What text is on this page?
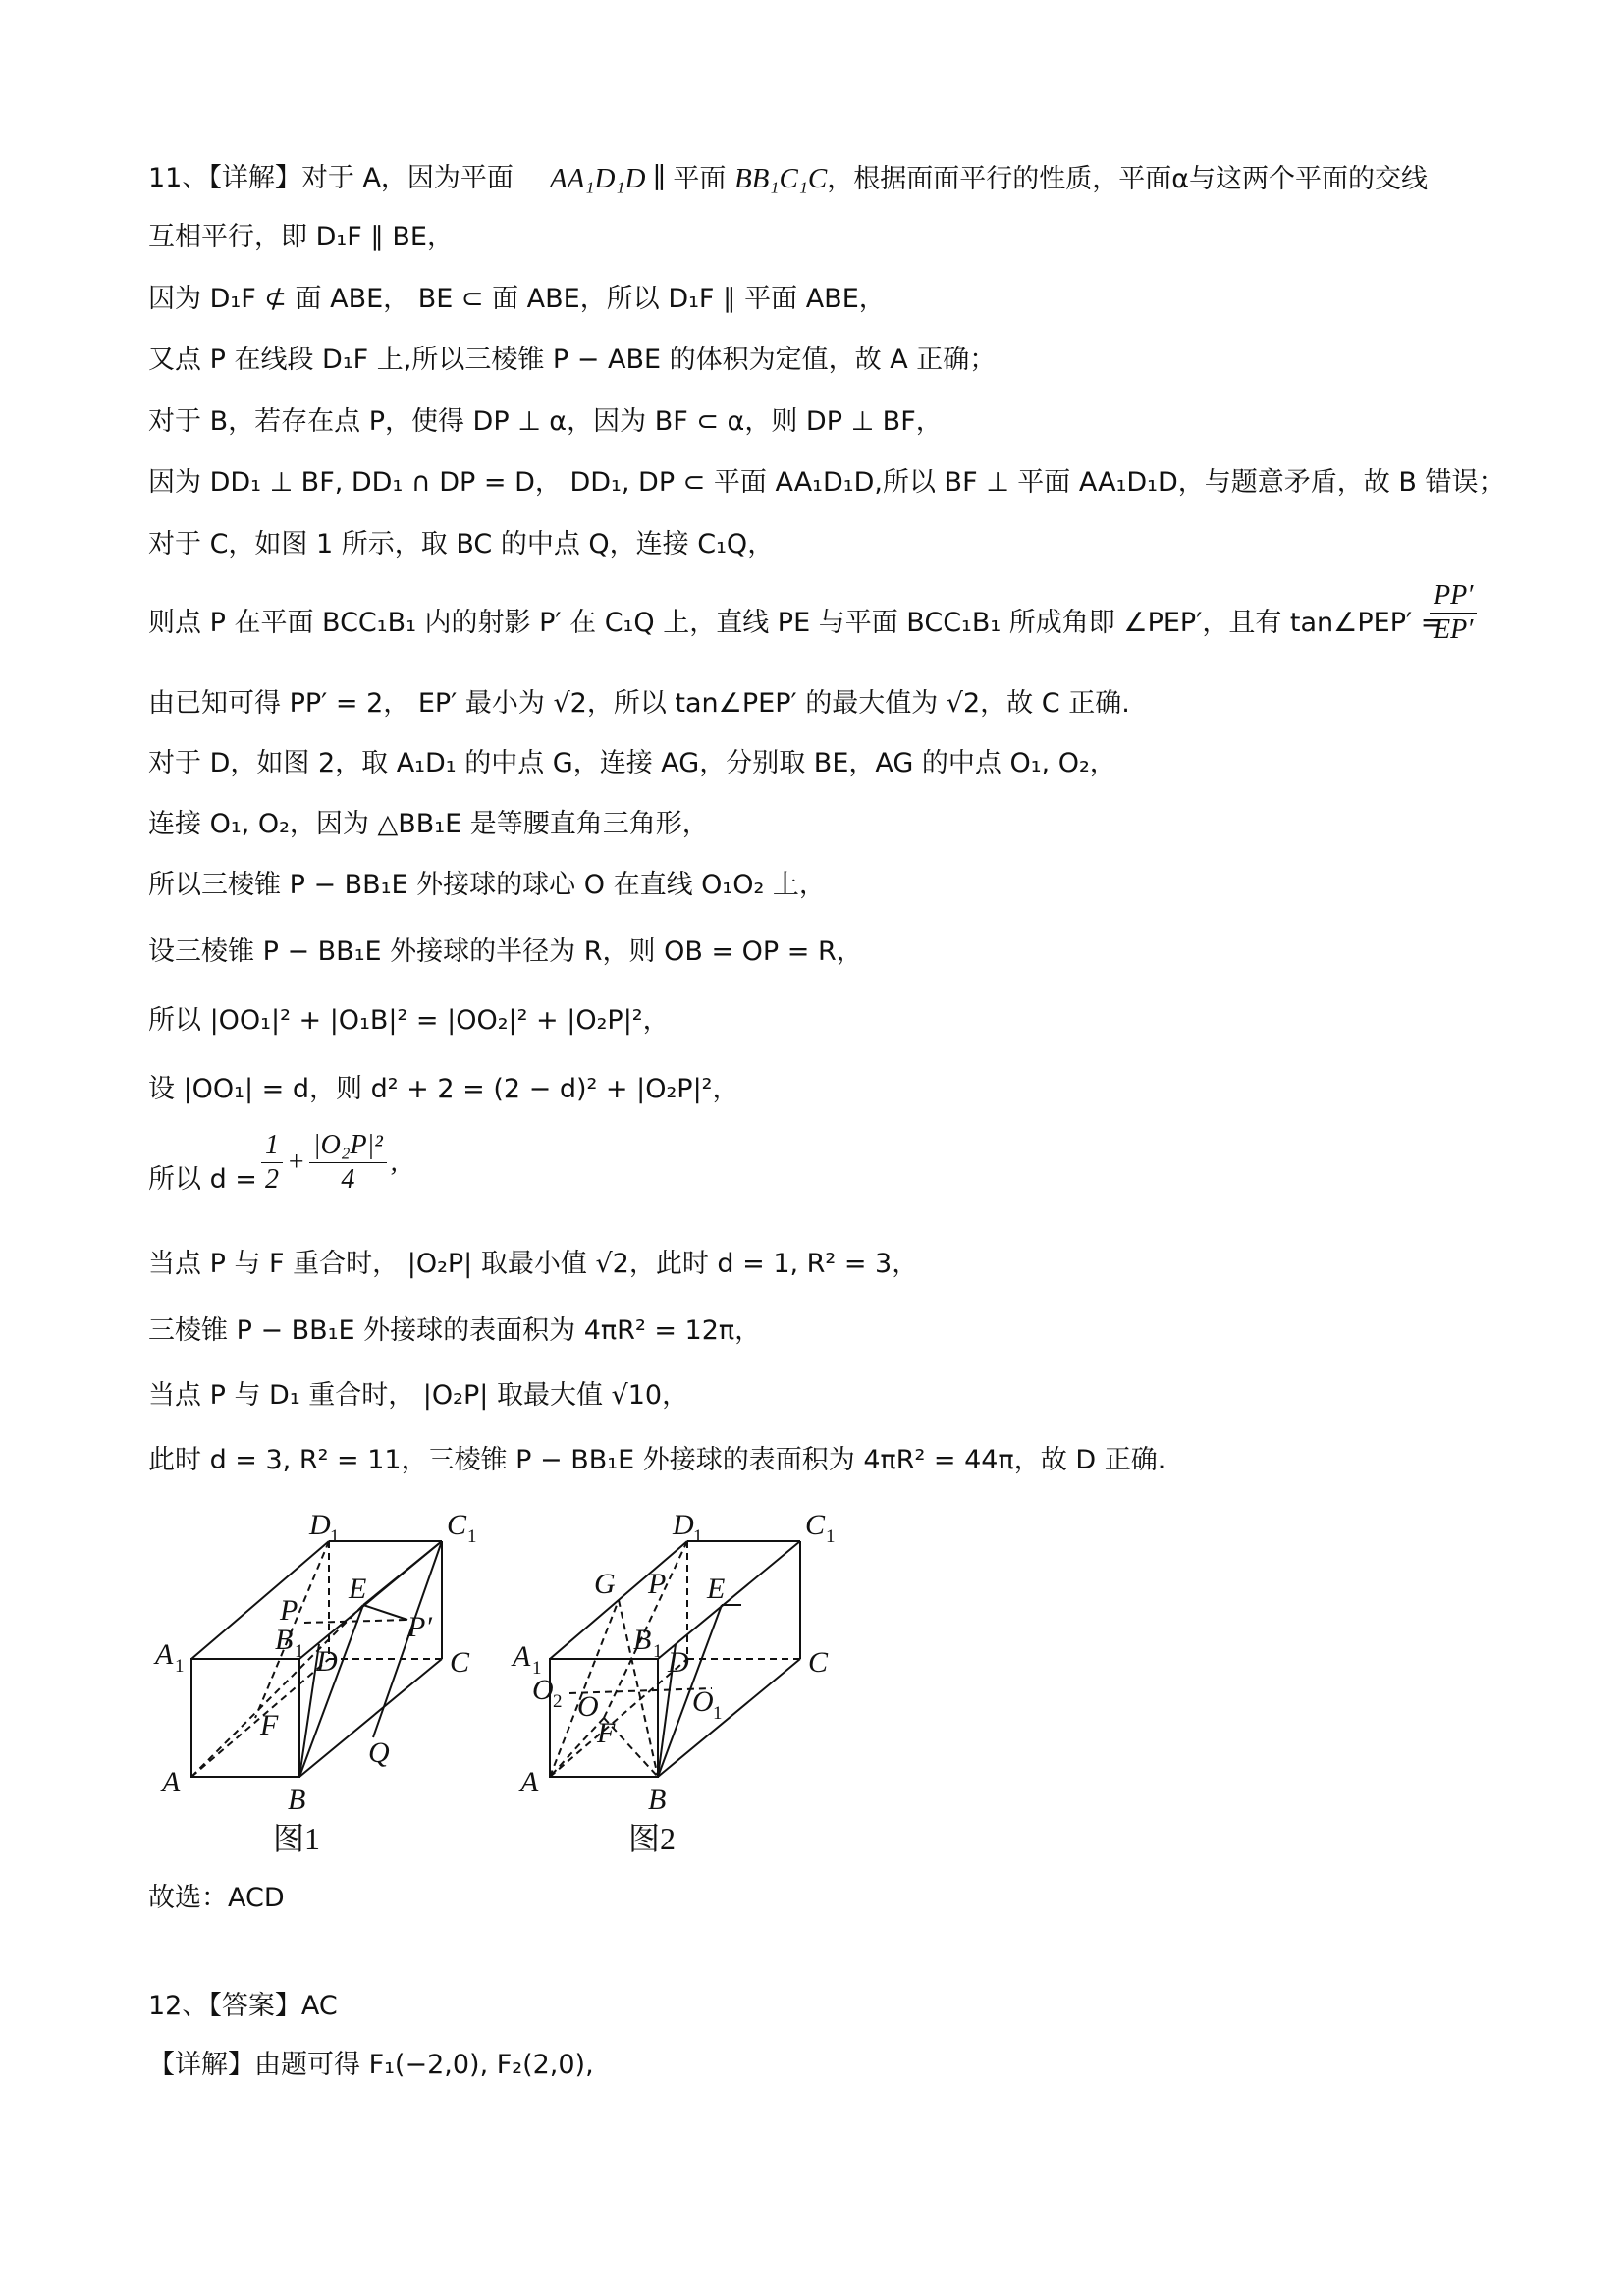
11、【详解】对于 A，因为平面 AA₁D₁D ∥ 平面 BB₁C₁C，根据面面平行的性质，平面α与这两个平面的交线
互相平行，即 D₁F ∥ BE，
因为 D₁F ⊄ 面 ABE， BE ⊂ 面 ABE，所以 D₁F ∥ 平面 ABE，
又点 P 在线段 D₁F 上,所以三棱锥 P − ABE 的体积为定值，故 A 正确；
对于 B，若存在点 P，使得 DP ⊥ α，因为 BF ⊂ α，则 DP ⊥ BF，
因为 DD₁ ⊥ BF, DD₁ ∩ DP = D， DD₁, DP ⊂ 平面 AA₁D₁D,所以 BF ⊥ 平面 AA₁D₁D，与题意矛盾，故 B 错误；
对于 C，如图 1 所示，取 BC 的中点 Q，连接 C₁Q，
则点 P 在平面 BCC₁B₁ 内的射影 P′ 在 C₁Q 上，直线 PE 与平面 BCC₁B₁ 所成角即 ∠PEP′，且有 tan∠PEP′ =
$\frac{PP'}{EP'}$
由已知可得 PP′ = 2， EP′ 最小为 √2，所以 tan∠PEP′ 的最大值为 √2，故 C 正确.
对于 D，如图 2，取 A₁D₁ 的中点 G，连接 AG，分别取 BE，AG 的中点 O₁, O₂，
连接 O₁, O₂，因为 △BB₁E 是等腰直角三角形，
所以三棱锥 P − BB₁E 外接球的球心 O 在直线 O₁O₂ 上，
设三棱锥 P − BB₁E 外接球的半径为 R，则 OB = OP = R，
所以 |OO₁|² + |O₁B|² = |OO₂|² + |O₂P|²，
设 |OO₁| = d，则 d² + 2 = (2 − d)² + |O₂P|²，
所以 $d = \frac{1}{2} + \frac{\text{|O₂P|²}}{4}$ ,
当点 P 与 F 重合时， |O₂P| 取最小值 √2，此时 d = 1, R² = 3，
三棱锥 P − BB₁E 外接球的表面积为 4πR² = 12π，
当点 P 与 D₁ 重合时， |O₂P| 取最大值 √10，
此时 d = 3, R² = 11，三棱锥 P − BB₁E 外接球的表面积为 4πR² = 44π，故 D 正确.
D 1	C 1
A 1
B 1
P
E
P′
C
D
F
Q
A
B
图1
D 1	C 1
G P E
A 1
B 1 D	C
O 2	O 1
O
F
A
B
图2
故选：ACD
12、【答案】AC
【详解】由题可得 F₁(−2,0), F₂(2,0),
